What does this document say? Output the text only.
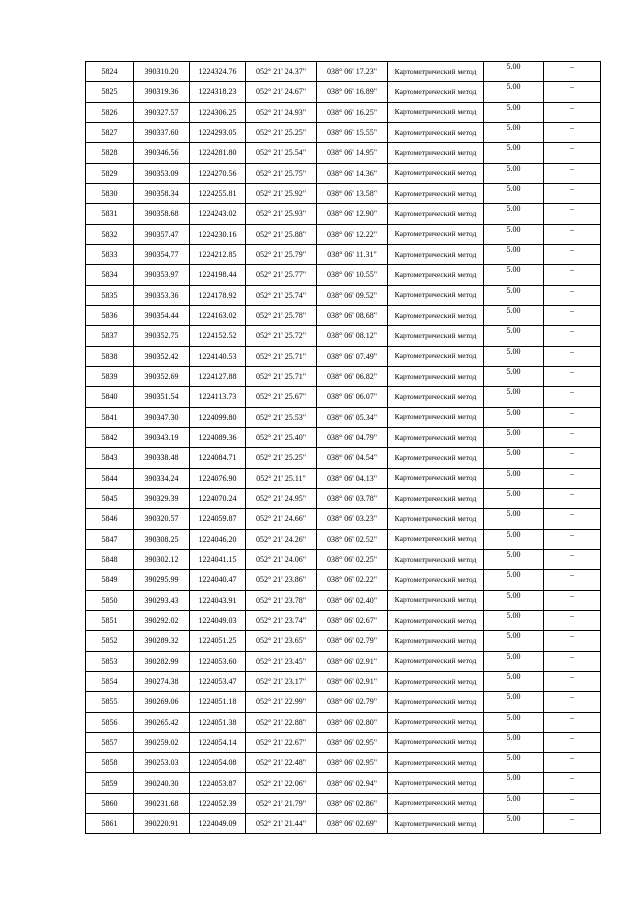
5824	390310.20	1224324.76	052° 21' 24.37"	038° 06' 17.23"	Картометрический метод	5.00	–
5825	390319.36	1224318.23	052° 21' 24.67"	038° 06' 16.89"	Картометрический метод	5.00	–
5826	390327.57	1224306.25	052° 21' 24.93"	038° 06' 16.25"	Картометрический метод	5.00	–
5827	390337.60	1224293.05	052° 21' 25.25"	038° 06' 15.55"	Картометрический метод	5.00	–
5828	390346.56	1224281.80	052° 21' 25.54"	038° 06' 14.95"	Картометрический метод	5.00	–
5829	390353.09	1224270.56	052° 21' 25.75"	038° 06' 14.36"	Картометрический метод	5.00	–
5830	390358.34	1224255.81	052° 21' 25.92"	038° 06' 13.58"	Картометрический метод	5.00	–
5831	390358.68	1224243.02	052° 21' 25.93"	038° 06' 12.90"	Картометрический метод	5.00	–
5832	390357.47	1224230.16	052° 21' 25.88"	038° 06' 12.22"	Картометрический метод	5.00	–
5833	390354.77	1224212.85	052° 21' 25.79"	038° 06' 11.31"	Картометрический метод	5.00	–
5834	390353.97	1224198.44	052° 21' 25.77"	038° 06' 10.55"	Картометрический метод	5.00	–
5835	390353.36	1224178.92	052° 21' 25.74"	038° 06' 09.52"	Картометрический метод	5.00	–
5836	390354.44	1224163.02	052° 21' 25.78"	038° 06' 08.68"	Картометрический метод	5.00	–
5837	390352.75	1224152.52	052° 21' 25.72"	038° 06' 08.12"	Картометрический метод	5.00	–
5838	390352.42	1224140.53	052° 21' 25.71"	038° 06' 07.49"	Картометрический метод	5.00	–
5839	390352.69	1224127.88	052° 21' 25.71"	038° 06' 06.82"	Картометрический метод	5.00	–
5840	390351.54	1224113.73	052° 21' 25.67"	038° 06' 06.07"	Картометрический метод	5.00	–
5841	390347.30	1224099.80	052° 21' 25.53"	038° 06' 05.34"	Картометрический метод	5.00	–
5842	390343.19	1224089.36	052° 21' 25.40"	038° 06' 04.79"	Картометрический метод	5.00	–
5843	390338.48	1224084.71	052° 21' 25.25"	038° 06' 04.54"	Картометрический метод	5.00	–
5844	390334.24	1224076.90	052° 21' 25.11"	038° 06' 04.13"	Картометрический метод	5.00	–
5845	390329.39	1224070.24	052° 21' 24.95"	038° 06' 03.78"	Картометрический метод	5.00	–
5846	390320.57	1224059.87	052° 21' 24.66"	038° 06' 03.23"	Картометрический метод	5.00	–
5847	390308.25	1224046.20	052° 21' 24.26"	038° 06' 02.52"	Картометрический метод	5.00	–
5848	390302.12	1224041.15	052° 21' 24.06"	038° 06' 02.25"	Картометрический метод	5.00	–
5849	390295.99	1224040.47	052° 21' 23.86"	038° 06' 02.22"	Картометрический метод	5.00	–
5850	390293.43	1224043.91	052° 21' 23.78"	038° 06' 02.40"	Картометрический метод	5.00	–
5851	390292.02	1224049.03	052° 21' 23.74"	038° 06' 02.67"	Картометрический метод	5.00	–
5852	390289.32	1224051.25	052° 21' 23.65"	038° 06' 02.79"	Картометрический метод	5.00	–
5853	390282.99	1224053.60	052° 21' 23.45"	038° 06' 02.91"	Картометрический метод	5.00	–
5854	390274.38	1224053.47	052° 21' 23.17"	038° 06' 02.91"	Картометрический метод	5.00	–
5855	390269.06	1224051.18	052° 21' 22.99"	038° 06' 02.79"	Картометрический метод	5.00	–
5856	390265.42	1224051.38	052° 21' 22.88"	038° 06' 02.80"	Картометрический метод	5.00	–
5857	390259.02	1224054.14	052° 21' 22.67"	038° 06' 02.95"	Картометрический метод	5.00	–
5858	390253.03	1224054.08	052° 21' 22.48"	038° 06' 02.95"	Картометрический метод	5.00	–
5859	390240.30	1224053.87	052° 21' 22.06"	038° 06' 02.94"	Картометрический метод	5.00	–
5860	390231.68	1224052.39	052° 21' 21.79"	038° 06' 02.86"	Картометрический метод	5.00	–
5861	390220.91	1224049.09	052° 21' 21.44"	038° 06' 02.69"	Картометрический метод	5.00	–
